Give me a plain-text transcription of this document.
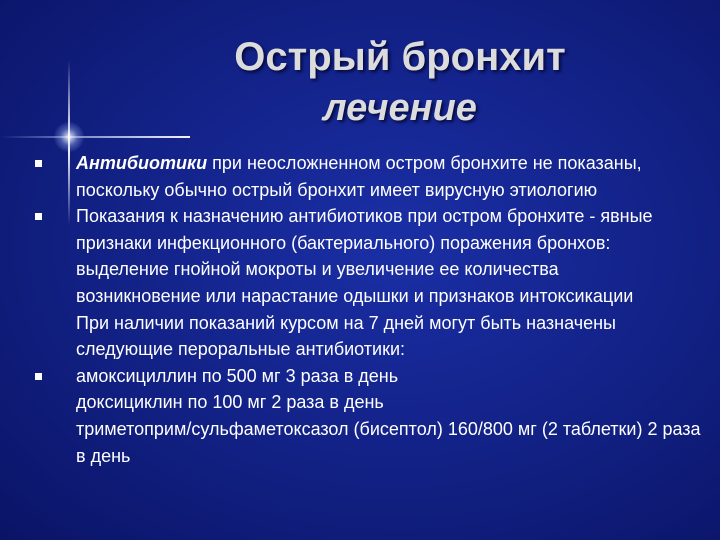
Острый бронхит
лечение

Антибиотики при неосложненном остром бронхите не показаны, поскольку обычно острый бронхит имеет вирусную этиологию

Показания к назначению антибиотиков при остром бронхите - явные признаки инфекционного (бактериального) поражения бронхов:

выделение гнойной мокроты и увеличение ее количества

возникновение или нарастание одышки и признаков интоксикации

При наличии показаний курсом на 7 дней могут быть назначены следующие пероральные антибиотики:

амоксициллин по 500 мг 3 раза в день

доксициклин по 100 мг 2 раза в день

триметоприм/сульфаметоксазол (бисептол) 160/800 мг (2 таблетки) 2 раза в день
